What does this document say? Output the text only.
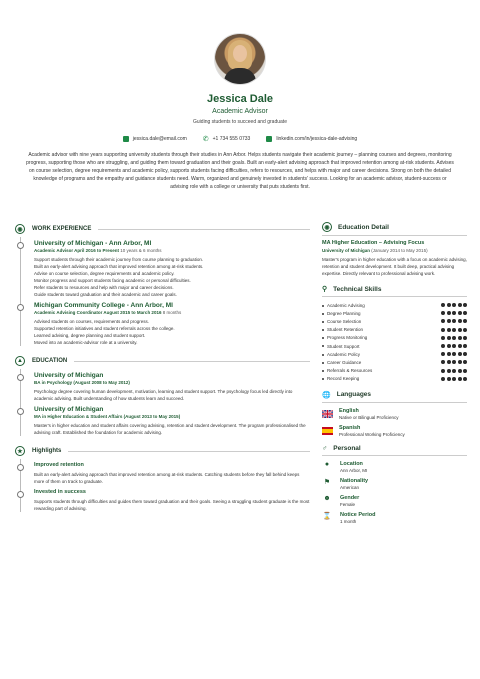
Jessica Dale
Academic Advisor
Guiding students to succeed and graduate
jessica.dale@email.com ✆ +1 734 555 0733	linkedin.com/in/jessica-dale-advising
Academic advisor with nine years supporting university students through their studies in Ann Arbor. Helps students navigate their academic journey – planning courses and degrees, monitoring progress, supporting those who are struggling, and guiding them toward graduation and their goals. Built an early-alert advising approach that improved retention among at-risk students. Advises on course selection, degree requirements and academic policy, supports students facing difficulties, refers to resources, and helps with major and career decisions. Strong on both the detailed knowledge of programs and the empathy and guidance students need. Warm, organized and genuinely invested in students' success. Looking for an academic advisor, student-success or advising role with a college or university that puts students first.
◉	WORK EXPERIENCE
University of Michigan - Ann Arbor, MI
Academic Advisor April 2016 to Present 10 years & 6 months
Support students through their academic journey from course planning to graduation.
Built an early-alert advising approach that improved retention among at-risk students.
Advise on course selection, degree requirements and academic policy.
Monitor progress and support students facing academic or personal difficulties.
Refer students to resources and help with major and career decisions.
Guide students toward graduation and their academic and career goals.
Michigan Community College - Ann Arbor, MI
Academic Advising Coordinator August 2015 to March 2016 8 months
Advised students on courses, requirements and progress.
Supported retention initiatives and student referrals across the college.
Learned advising, degree planning and student support.
Moved into an academic-advisor role at a university.
▲	EDUCATION
University of Michigan
BA in Psychology (August 2008 to May 2012)
Psychology degree covering human development, motivation, learning and student support. The psychology focus led directly into academic advising. Built understanding of how students learn and succeed.
University of Michigan
MA in Higher Education & Student Affairs (August 2013 to May 2015)
Master's in higher education and student affairs covering advising, retention and student development. The program professionalised the advising craft. Established the foundation for academic advising.
★	Highlights
Improved retention
Built an early-alert advising approach that improved retention among at-risk students. Catching students before they fall behind keeps more of them on track to graduate.
Invested in success
Supports students through difficulties and guides them toward graduation and their goals. Seeing a struggling student graduate is the most rewarding part of advising.
◉	Education Detail
MA Higher Education – Advising Focus
University of Michigan (January 2014 to May 2015)
Master's program in higher education with a focus on academic advising, retention and student development. It built deep, practical advising expertise. Directly relevant to professional advising work.
⚲ Technical Skills
Academic Advising
Degree Planning
Course Selection
Student Retention
Progress Monitoring
Student Support
Academic Policy
Career Guidance
Referrals & Resources
Record Keeping
🌐 Languages
English
Native or Bilingual Proficiency
Spanish
Professional Working Proficiency
♂ Personal
●	Location
Ann Arbor, MI
⚑	Nationality
American
☻ Gender
Female
⌛ Notice Period
1 month
